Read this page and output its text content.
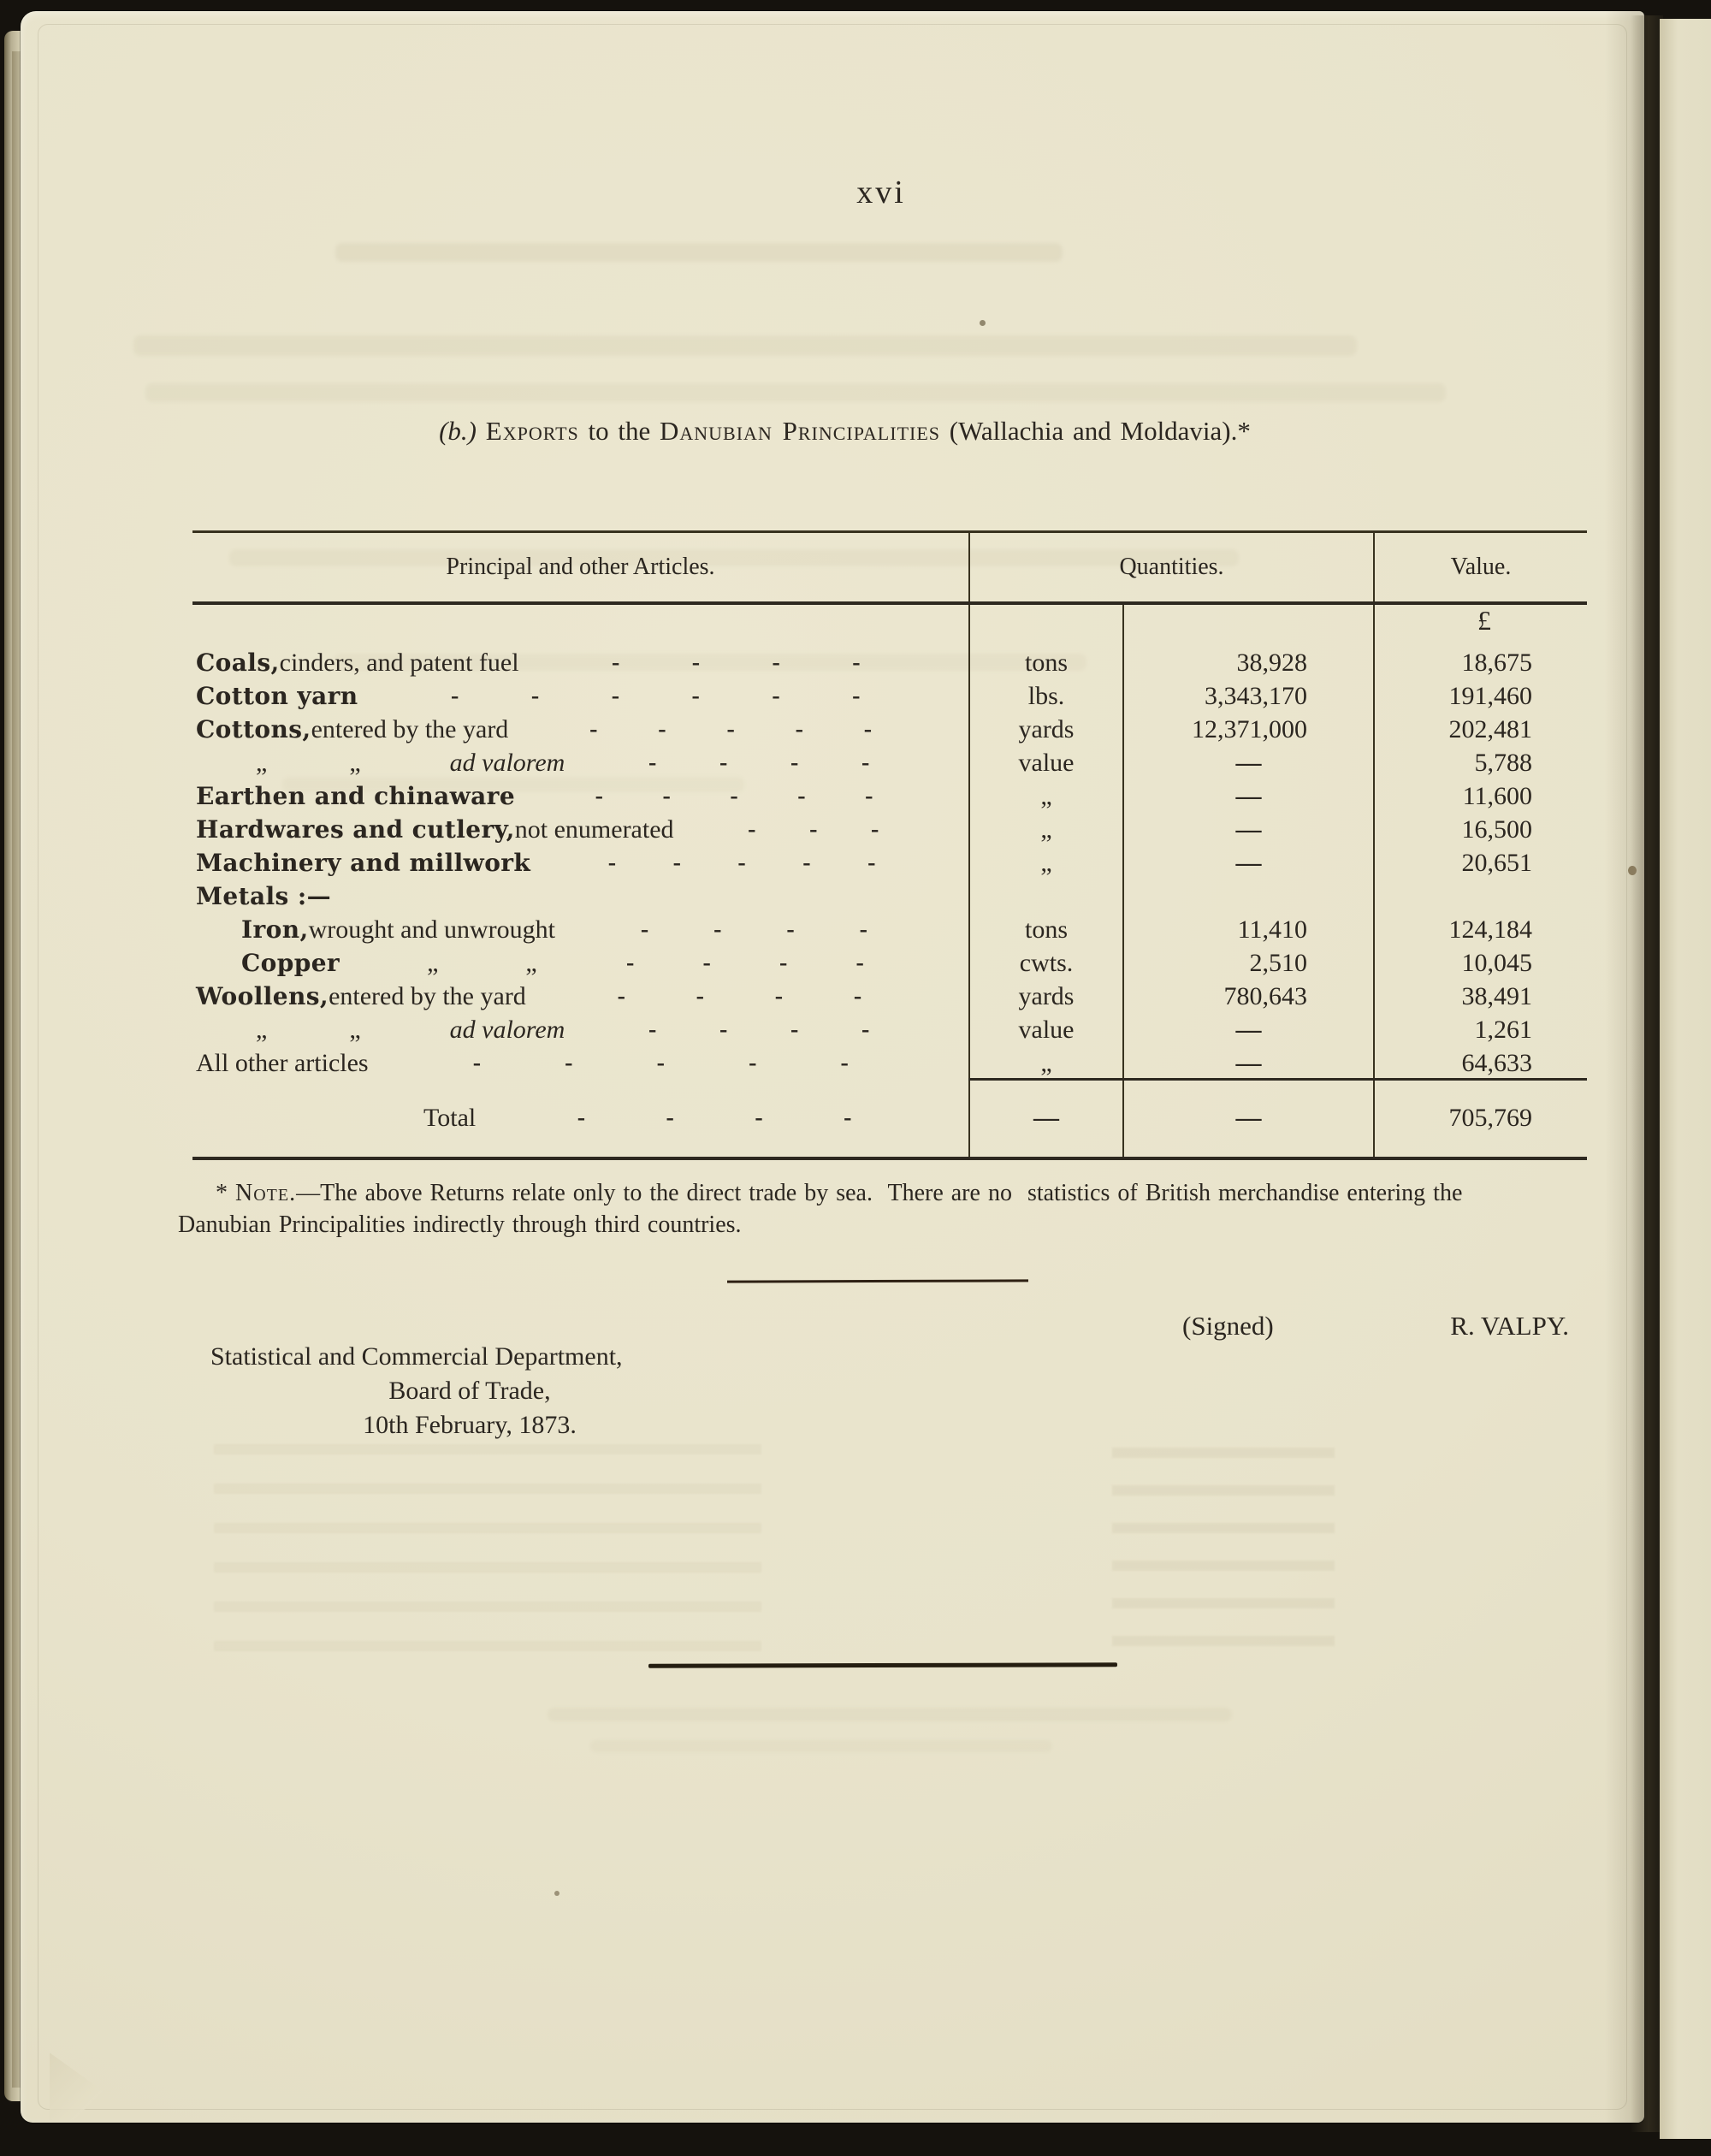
xvi
(b.) Exports to the Danubian Principalities (Wallachia and Moldavia).*
Principal and other Articles.	Quantities.	Value.
£
Coals, cinders, and patent fuel	-	-	-	-	tons	38,928	18,675
Cotton yarn	-	-	-	-	-	-	lbs.	3,343,170	191,460
Cottons, entered by the yard	-	-	-	-	-	yards	12,371,000	202,481
„	„	ad valorem	-	-	-	-	value	—	5,788
Earthen and chinaware	- - - - -	„	—	11,600
Hardwares and cutlery, not enumerated	- - -	„	—	16,500
Machinery and millwork	- - - - -	„	—	20,651
Metals :—
Iron, wrought and unwrought	-	-	-	-	tons	11,410	124,184
Copper	„	„	-	-	-	-	cwts.	2,510	10,045
Woollens, entered by the yard	-	-	-	-	yards	780,643	38,491
„	„	ad valorem	-	-	-	-	value	—	1,261
All other articles	-	-	-	-	-	„	—	64,633
Total	-	-	-	-	—	—	705,769
* Note.—The above Returns relate only to the direct trade by sea.  There are no  statistics of British merchandise entering the
Danubian Principalities indirectly through third countries.
(Signed)	R. VALPY.
Statistical and Commercial Department,
Board of Trade,
10th February, 1873.
